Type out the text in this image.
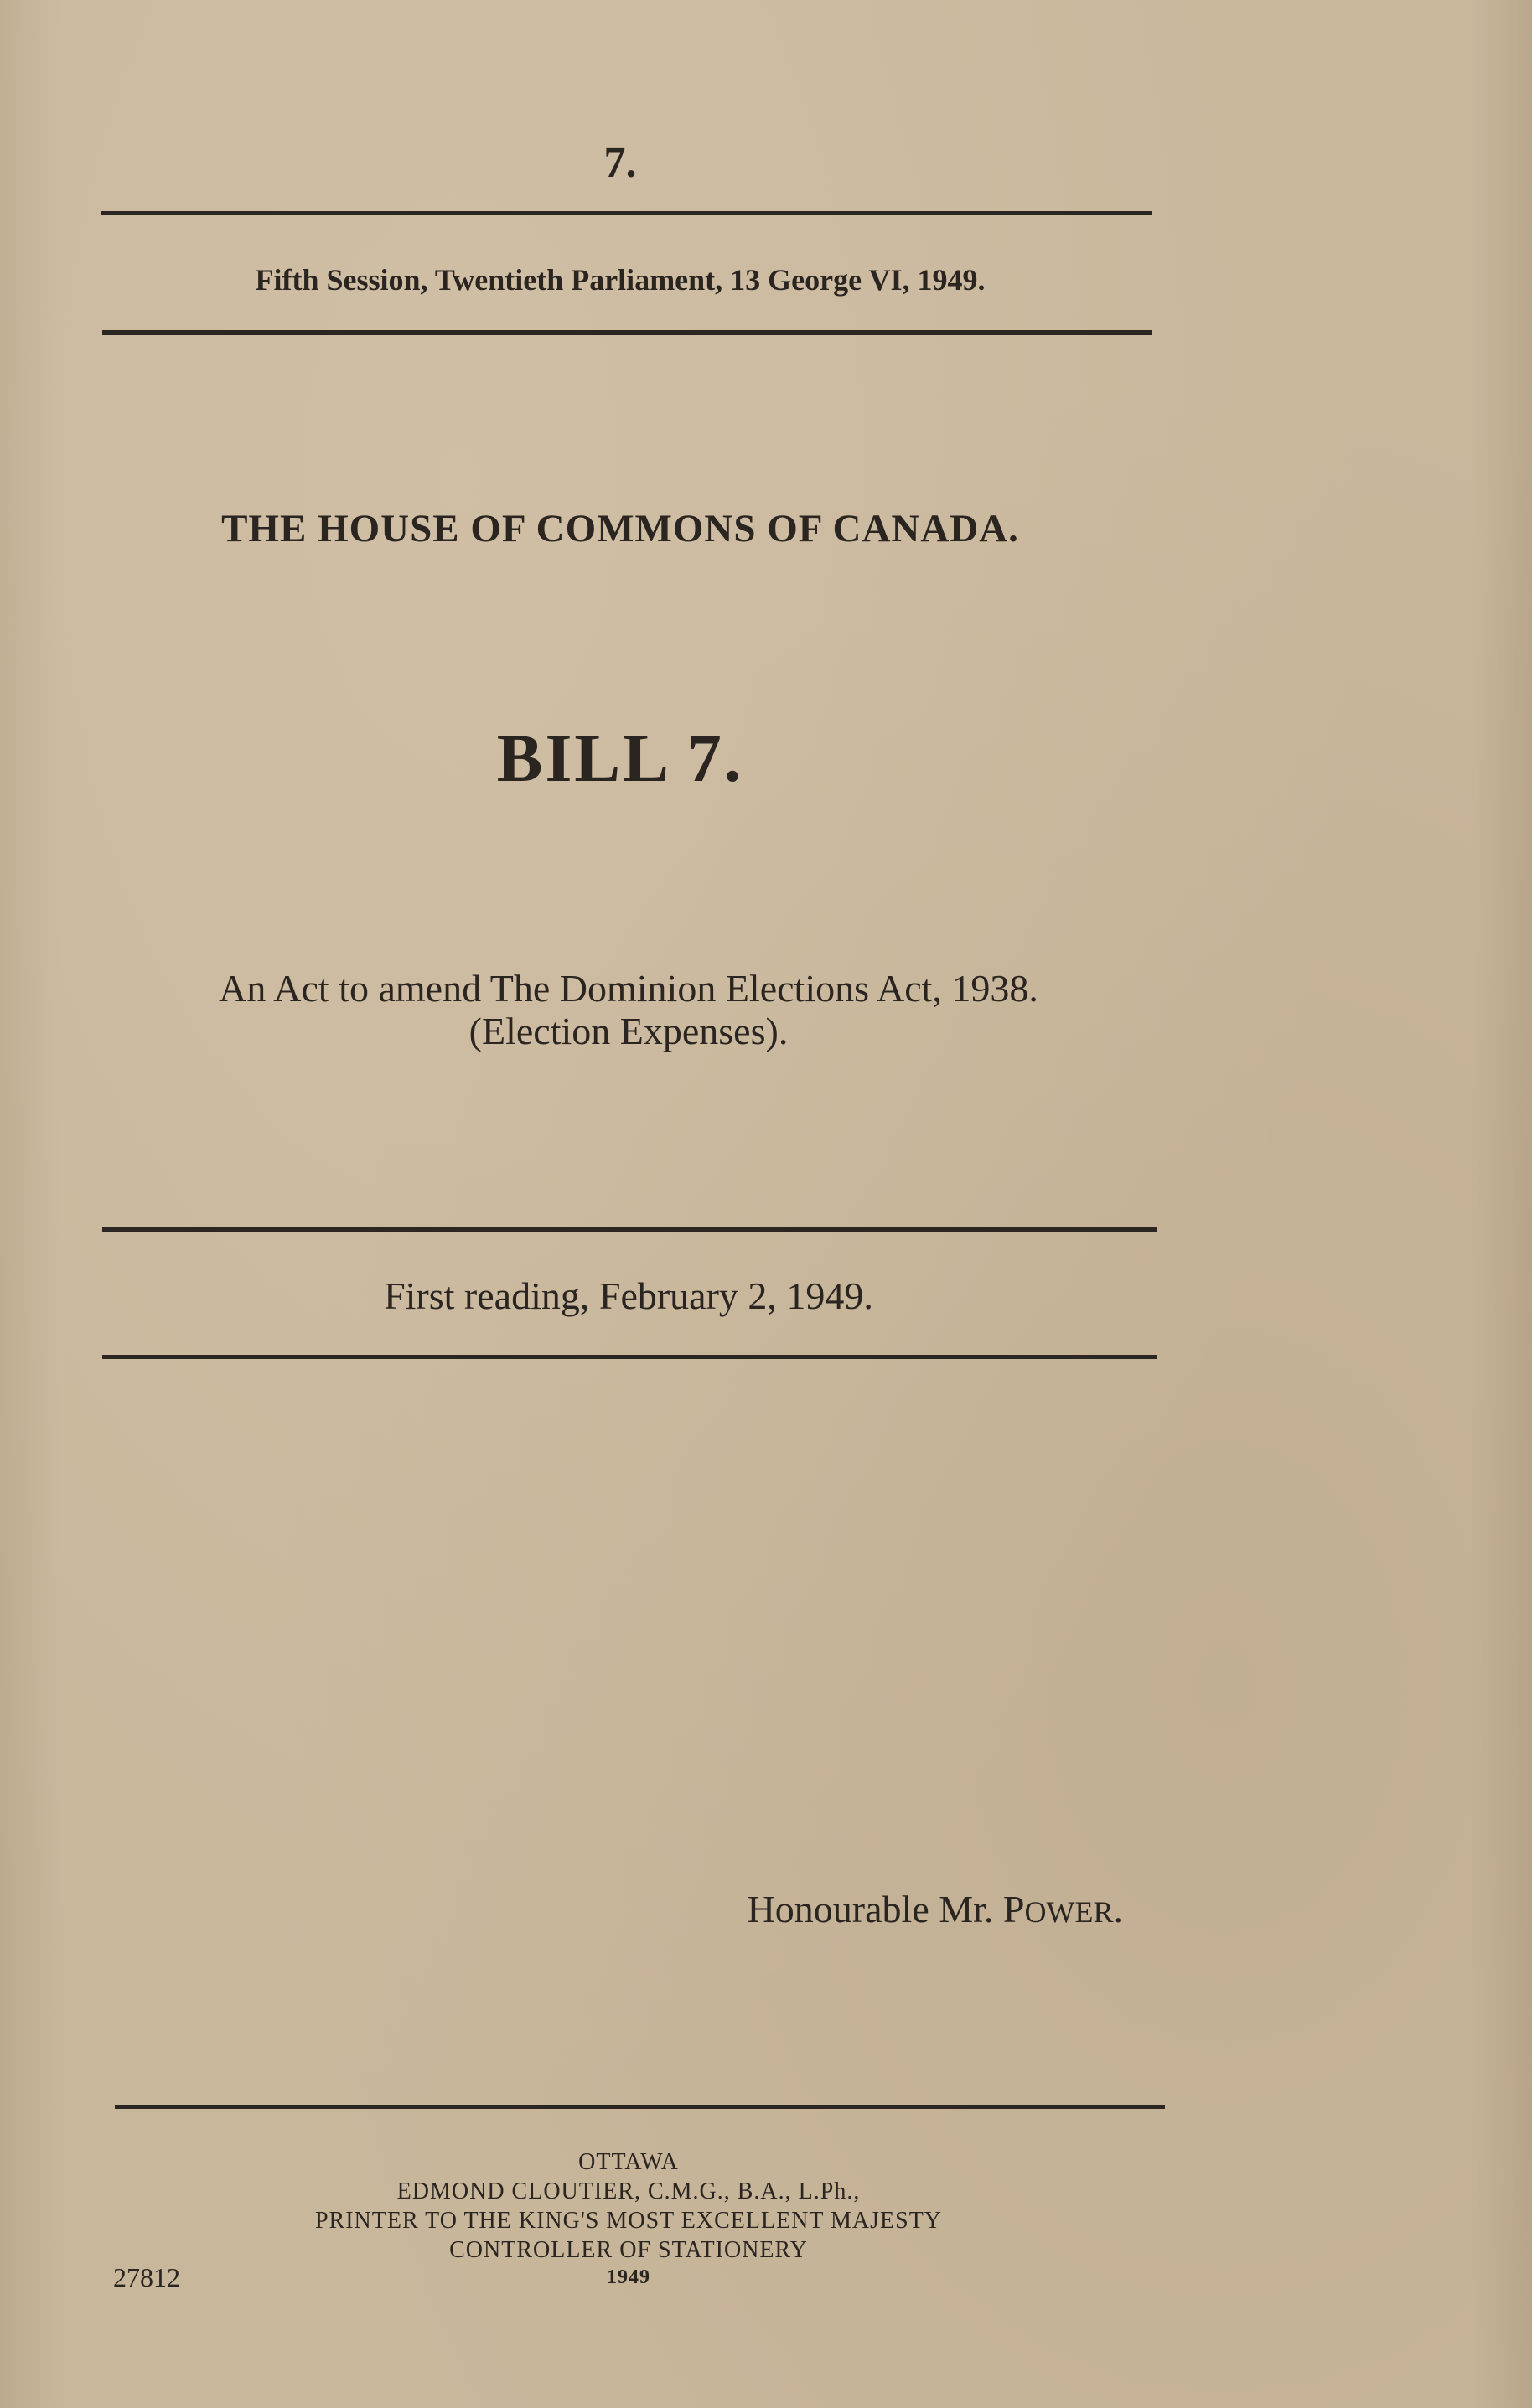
7.
Fifth Session, Twentieth Parliament, 13 George VI, 1949.
THE HOUSE OF COMMONS OF CANADA.
BILL 7.
An Act to amend The Dominion Elections Act, 1938.
(Election Expenses).
First reading, February 2, 1949.
Honourable Mr. POWER.
OTTAWA
EDMOND CLOUTIER, C.M.G., B.A., L.Ph.,
PRINTER TO THE KING'S MOST EXCELLENT MAJESTY
CONTROLLER OF STATIONERY
1949
27812
